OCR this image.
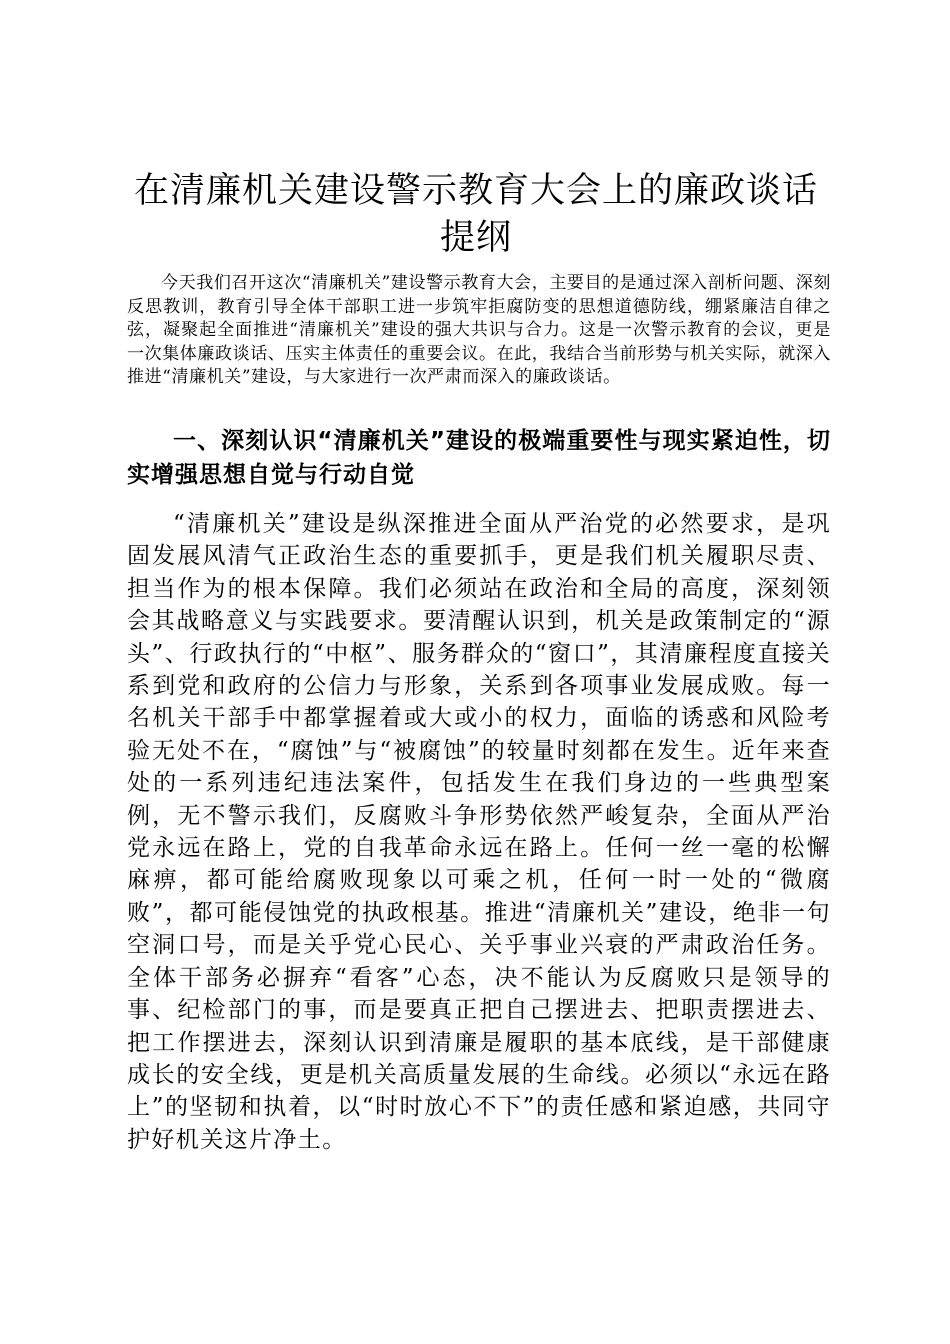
在清廉机关建设警示教育大会上的廉政谈话提纲

今天我们召开这次“清廉机关”建设警示教育大会，主要目的是通过深入剖析问题、深刻反思教训，教育引导全体干部职工进一步筑牢拒腐防变的思想道德防线，绷紧廉洁自律之弦，凝聚起全面推进“清廉机关”建设的强大共识与合力。这是一次警示教育的会议，更是一次集体廉政谈话、压实主体责任的重要会议。在此，我结合当前形势与机关实际，就深入推进“清廉机关”建设，与大家进行一次严肃而深入的廉政谈话。

一、深刻认识“清廉机关”建设的极端重要性与现实紧迫性，切实增强思想自觉与行动自觉

“清廉机关”建设是纵深推进全面从严治党的必然要求，是巩固发展风清气正政治生态的重要抓手，更是我们机关履职尽责、担当作为的根本保障。我们必须站在政治和全局的高度，深刻领会其战略意义与实践要求。要清醒认识到，机关是政策制定的“源头”、行政执行的“中枢”、服务群众的“窗口”，其清廉程度直接关系到党和政府的公信力与形象，关系到各项事业发展成败。每一名机关干部手中都掌握着或大或小的权力，面临的诱惑和风险考验无处不在，“腐蚀”与“被腐蚀”的较量时刻都在发生。近年来查处的一系列违纪违法案件，包括发生在我们身边的一些典型案例，无不警示我们，反腐败斗争形势依然严峻复杂，全面从严治党永远在路上，党的自我革命永远在路上。任何一丝一毫的松懈麻痹，都可能给腐败现象以可乘之机，任何一时一处的“微腐败”，都可能侵蚀党的执政根基。推进“清廉机关”建设，绝非一句空洞口号，而是关乎党心民心、关乎事业兴衰的严肃政治任务。全体干部务必摒弃“看客”心态，决不能认为反腐败只是领导的事、纪检部门的事，而是要真正把自己摆进去、把职责摆进去、把工作摆进去，深刻认识到清廉是履职的基本底线，是干部健康成长的安全线，更是机关高质量发展的生命线。必须以“永远在路上”的坚韧和执着，以“时时放心不下”的责任感和紧迫感，共同守护好机关这片净土。
